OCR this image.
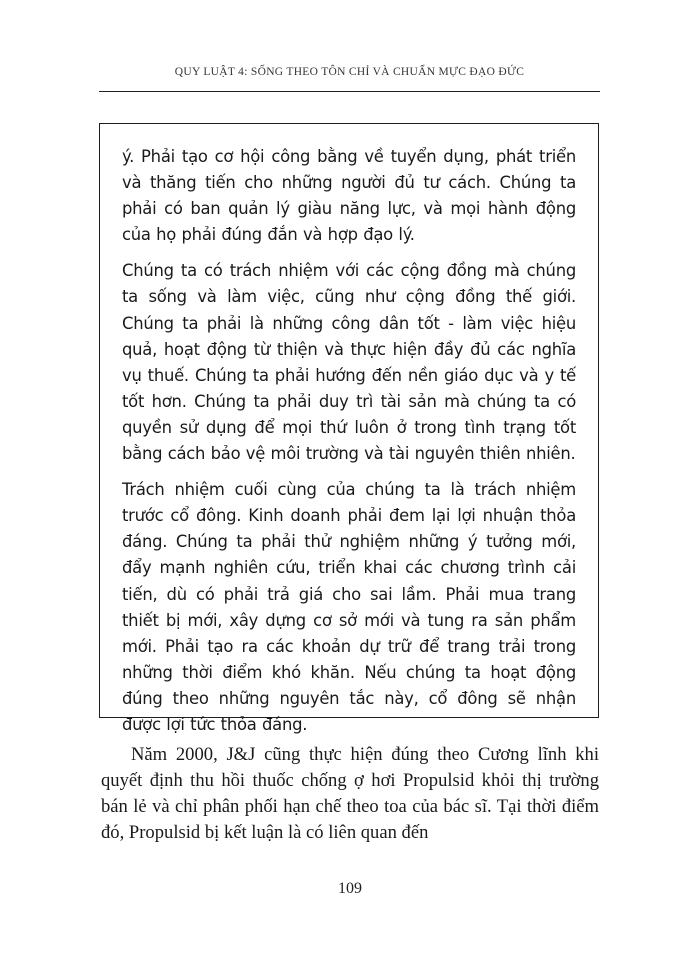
QUY LUẬT 4: SỐNG THEO TÔN CHỈ VÀ CHUẨN MỰC ĐẠO ĐỨC

ý. Phải tạo cơ hội công bằng về tuyển dụng, phát triển và thăng tiến cho những người đủ tư cách. Chúng ta phải có ban quản lý giàu năng lực, và mọi hành động của họ phải đúng đắn và hợp đạo lý.

Chúng ta có trách nhiệm với các cộng đồng mà chúng ta sống và làm việc, cũng như cộng đồng thế giới. Chúng ta phải là những công dân tốt - làm việc hiệu quả, hoạt động từ thiện và thực hiện đầy đủ các nghĩa vụ thuế. Chúng ta phải hướng đến nền giáo dục và y tế tốt hơn. Chúng ta phải duy trì tài sản mà chúng ta có quyền sử dụng để mọi thứ luôn ở trong tình trạng tốt bằng cách bảo vệ môi trường và tài nguyên thiên nhiên.

Trách nhiệm cuối cùng của chúng ta là trách nhiệm trước cổ đông. Kinh doanh phải đem lại lợi nhuận thỏa đáng. Chúng ta phải thử nghiệm những ý tưởng mới, đẩy mạnh nghiên cứu, triển khai các chương trình cải tiến, dù có phải trả giá cho sai lầm. Phải mua trang thiết bị mới, xây dựng cơ sở mới và tung ra sản phẩm mới. Phải tạo ra các khoản dự trữ để trang trải trong những thời điểm khó khăn. Nếu chúng ta hoạt động đúng theo những nguyên tắc này, cổ đông sẽ nhận được lợi tức thỏa đáng.

Năm 2000, J&J cũng thực hiện đúng theo Cương lĩnh khi quyết định thu hồi thuốc chống ợ hơi Propulsid khỏi thị trường bán lẻ và chỉ phân phối hạn chế theo toa của bác sĩ. Tại thời điểm đó, Propulsid bị kết luận là có liên quan đến

109
